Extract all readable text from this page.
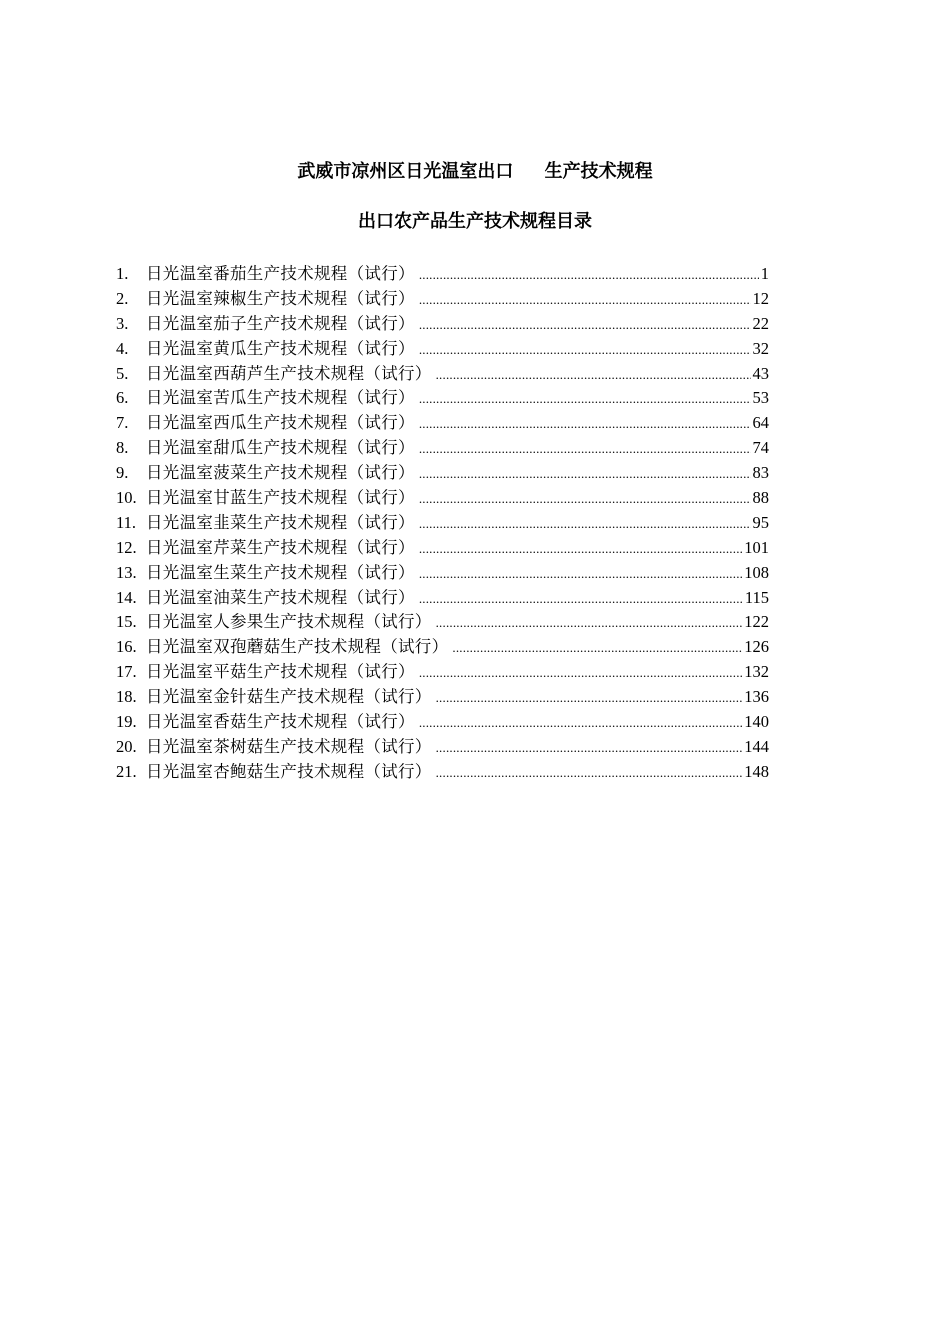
武威市凉州区日光温室出口     生产技术规程
出口农产品生产技术规程目录
1.	日光温室番茄生产技术规程（试行） .....	1
2.	日光温室辣椒生产技术规程（试行） .....	12
3.	日光温室茄子生产技术规程（试行） .....	22
4.	日光温室黄瓜生产技术规程（试行） .....	32
5.	日光温室西葫芦生产技术规程（试行） .....	43
6.	日光温室苦瓜生产技术规程（试行） .....	53
7.	日光温室西瓜生产技术规程（试行） .....	64
8.	日光温室甜瓜生产技术规程（试行） .....	74
9.	日光温室菠菜生产技术规程（试行） .....	83
10. 日光温室甘蓝生产技术规程（试行） .....	88
11. 日光温室韭菜生产技术规程（试行） .....	95
12. 日光温室芹菜生产技术规程（试行） .....	101
13. 日光温室生菜生产技术规程（试行） .....	108
14. 日光温室油菜生产技术规程（试行） .....	115
15. 日光温室人参果生产技术规程（试行） .....	122
16. 日光温室双孢蘑菇生产技术规程（试行） .....	126
17. 日光温室平菇生产技术规程（试行） .....	132
18. 日光温室金针菇生产技术规程（试行） .....	136
19. 日光温室香菇生产技术规程（试行） .....	140
20. 日光温室茶树菇生产技术规程（试行） .....	144
21. 日光温室杏鲍菇生产技术规程（试行） .....	148
